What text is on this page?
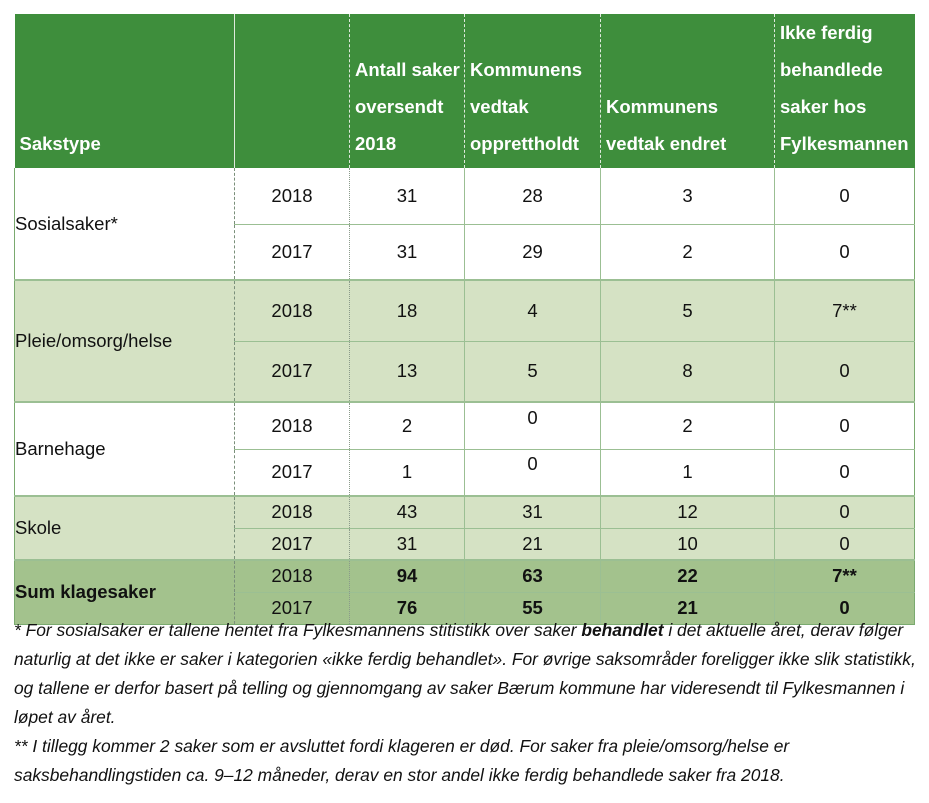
Sakstype		Antall saker oversendt 2018	Kommunens vedtak opprettholdt	Kommunens vedtak endret	Ikke ferdig behandlede saker hos Fylkesmannen
Sosialsaker*	2018	31	28	3	0
	2017	31	29	2	0
Pleie/omsorg/helse	2018	18	4	5	7**
	2017	13	5	8	0
Barnehage	2018	2	0	2	0
	2017	1	0	1	0
Skole	2018	43	31	12	0
	2017	31	21	10	0
Sum klagesaker	2018	94	63	22	7**
	2017	76	55	21	0

* For sosialsaker er tallene hentet fra Fylkesmannens stitistikk over saker behandlet i det aktuelle året, derav følger naturlig at det ikke er saker i kategorien «ikke ferdig behandlet». For øvrige saksområder foreligger ikke slik statistikk, og tallene er derfor basert på telling og gjennomgang av saker Bærum kommune har videresendt til Fylkesmannen i løpet av året.

** I tillegg kommer 2 saker som er avsluttet fordi klageren er død. For saker fra pleie/omsorg/helse er saksbehandlingstiden ca. 9–12 måneder, derav en stor andel ikke ferdig behandlede saker fra 2018.
